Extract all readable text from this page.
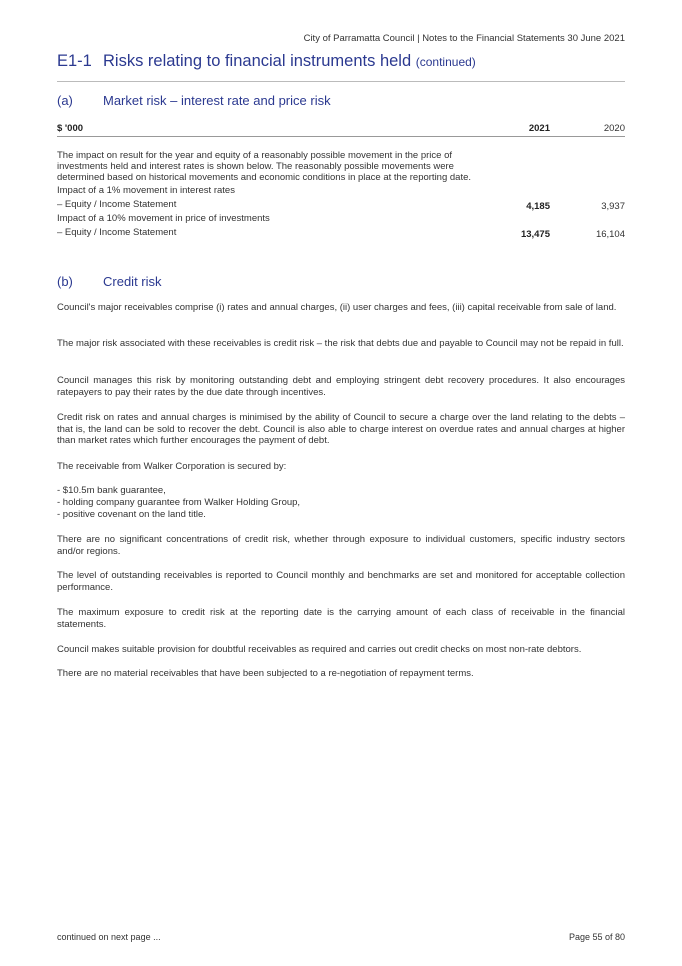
City of Parramatta Council | Notes to the Financial Statements 30 June 2021
E1-1 Risks relating to financial instruments held (continued)
(a) Market risk – interest rate and price risk
$ '000	2021	2020
The impact on result for the year and equity of a reasonably possible movement in the price of investments held and interest rates is shown below. The reasonably possible movements were determined based on historical movements and economic conditions in place at the reporting date.
Impact of a 1% movement in interest rates
– Equity / Income Statement	4,185	3,937
Impact of a 10% movement in price of investments
– Equity / Income Statement	13,475	16,104
(b) Credit risk

Council's major receivables comprise (i) rates and annual charges, (ii) user charges and fees, (iii) capital receivable from sale of land.

The major risk associated with these receivables is credit risk – the risk that debts due and payable to Council may not be repaid in full.

Council manages this risk by monitoring outstanding debt and employing stringent debt recovery procedures. It also encourages ratepayers to pay their rates by the due date through incentives.

Credit risk on rates and annual charges is minimised by the ability of Council to secure a charge over the land relating to the debts – that is, the land can be sold to recover the debt. Council is also able to charge interest on overdue rates and annual charges at higher than market rates which further encourages the payment of debt.

The receivable from Walker Corporation is secured by:

- $10.5m bank guarantee,

- holding company guarantee from Walker Holding Group,

- positive covenant on the land title.

There are no significant concentrations of credit risk, whether through exposure to individual customers, specific industry sectors and/or regions.

The level of outstanding receivables is reported to Council monthly and benchmarks are set and monitored for acceptable collection performance.

The maximum exposure to credit risk at the reporting date is the carrying amount of each class of receivable in the financial statements.

Council makes suitable provision for doubtful receivables as required and carries out credit checks on most non-rate debtors.

There are no material receivables that have been subjected to a re-negotiation of repayment terms.

continued on next page ...	Page 55 of 80
